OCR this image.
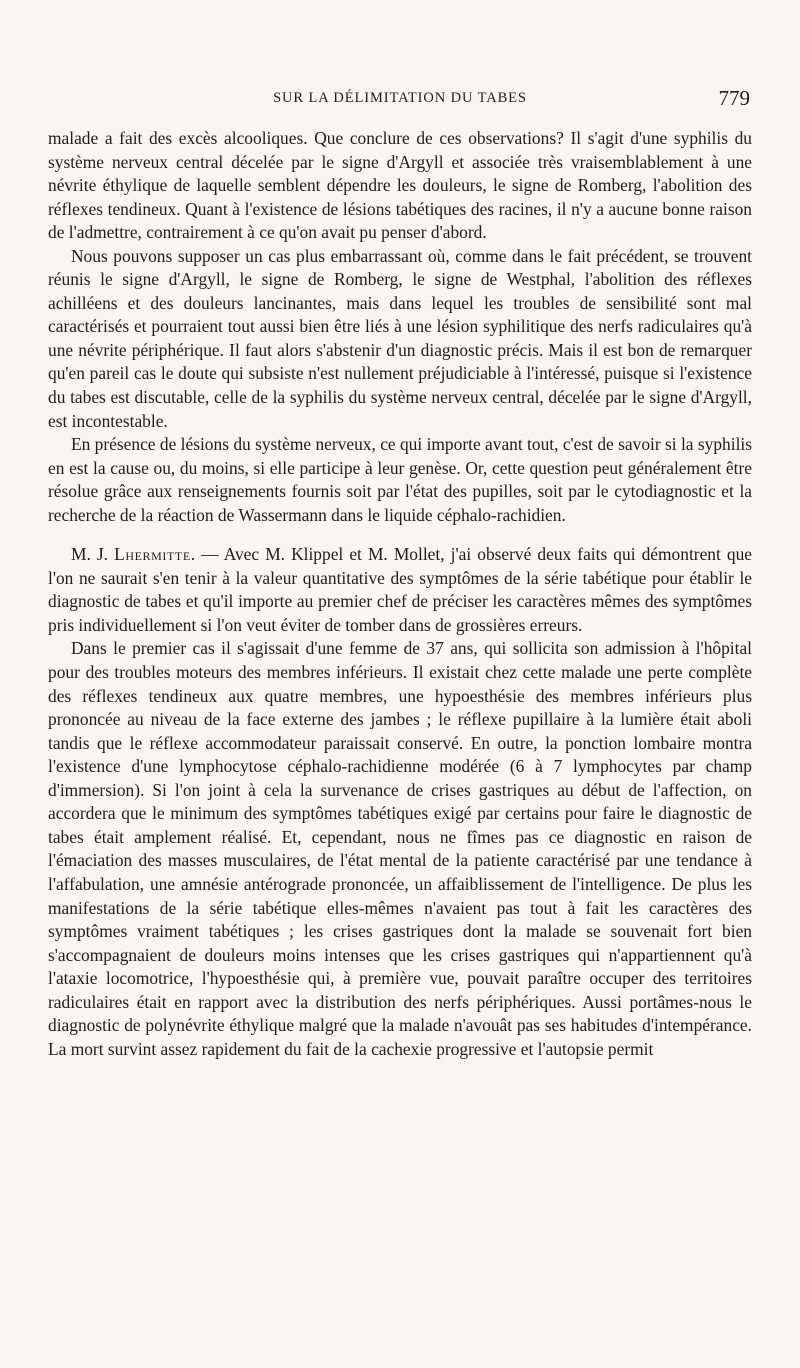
SUR LA DÉLIMITATION DU TABES	779

malade a fait des excès alcooliques. Que conclure de ces observations? Il s'agit d'une syphilis du système nerveux central décelée par le signe d'Argyll et associée très vraisemblablement à une névrite éthylique de laquelle semblent dépendre les douleurs, le signe de Romberg, l'abolition des réflexes tendineux. Quant à l'existence de lésions tabétiques des racines, il n'y a aucune bonne raison de l'admettre, contrairement à ce qu'on avait pu penser d'abord.

Nous pouvons supposer un cas plus embarrassant où, comme dans le fait précédent, se trouvent réunis le signe d'Argyll, le signe de Romberg, le signe de Westphal, l'abolition des réflexes achilléens et des douleurs lancinantes, mais dans lequel les troubles de sensibilité sont mal caractérisés et pourraient tout aussi bien être liés à une lésion syphilitique des nerfs radiculaires qu'à une névrite périphérique. Il faut alors s'abstenir d'un diagnostic précis. Mais il est bon de remarquer qu'en pareil cas le doute qui subsiste n'est nullement préjudiciable à l'intéressé, puisque si l'existence du tabes est discutable, celle de la syphilis du système nerveux central, décelée par le signe d'Argyll, est incontestable.

En présence de lésions du système nerveux, ce qui importe avant tout, c'est de savoir si la syphilis en est la cause ou, du moins, si elle participe à leur genèse. Or, cette question peut généralement être résolue grâce aux renseignements fournis soit par l'état des pupilles, soit par le cytodiagnostic et la recherche de la réaction de Wassermann dans le liquide céphalo-rachidien.

M. J. Lhermitte. — Avec M. Klippel et M. Mollet, j'ai observé deux faits qui démontrent que l'on ne saurait s'en tenir à la valeur quantitative des symptômes de la série tabétique pour établir le diagnostic de tabes et qu'il importe au premier chef de préciser les caractères mêmes des symptômes pris individuellement si l'on veut éviter de tomber dans de grossières erreurs.

Dans le premier cas il s'agissait d'une femme de 37 ans, qui sollicita son admission à l'hôpital pour des troubles moteurs des membres inférieurs. Il existait chez cette malade une perte complète des réflexes tendineux aux quatre membres, une hypoesthésie des membres inférieurs plus prononcée au niveau de la face externe des jambes ; le réflexe pupillaire à la lumière était aboli tandis que le réflexe accommodateur paraissait conservé. En outre, la ponction lombaire montra l'existence d'une lymphocytose céphalo-rachidienne modérée (6 à 7 lymphocytes par champ d'immersion). Si l'on joint à cela la survenance de crises gastriques au début de l'affection, on accordera que le minimum des symptômes tabétiques exigé par certains pour faire le diagnostic de tabes était amplement réalisé. Et, cependant, nous ne fîmes pas ce diagnostic en raison de l'émaciation des masses musculaires, de l'état mental de la patiente caractérisé par une tendance à l'affabulation, une amnésie antérograde prononcée, un affaiblissement de l'intelligence. De plus les manifestations de la série tabétique elles-mêmes n'avaient pas tout à fait les caractères des symptômes vraiment tabétiques ; les crises gastriques dont la malade se souvenait fort bien s'accompagnaient de douleurs moins intenses que les crises gastriques qui n'appartiennent qu'à l'ataxie locomotrice, l'hypoesthésie qui, à première vue, pouvait paraître occuper des territoires radiculaires était en rapport avec la distribution des nerfs périphériques. Aussi portâmes-nous le diagnostic de polynévrite éthylique malgré que la malade n'avouât pas ses habitudes d'intempérance. La mort survint assez rapidement du fait de la cachexie progressive et l'autopsie permit
